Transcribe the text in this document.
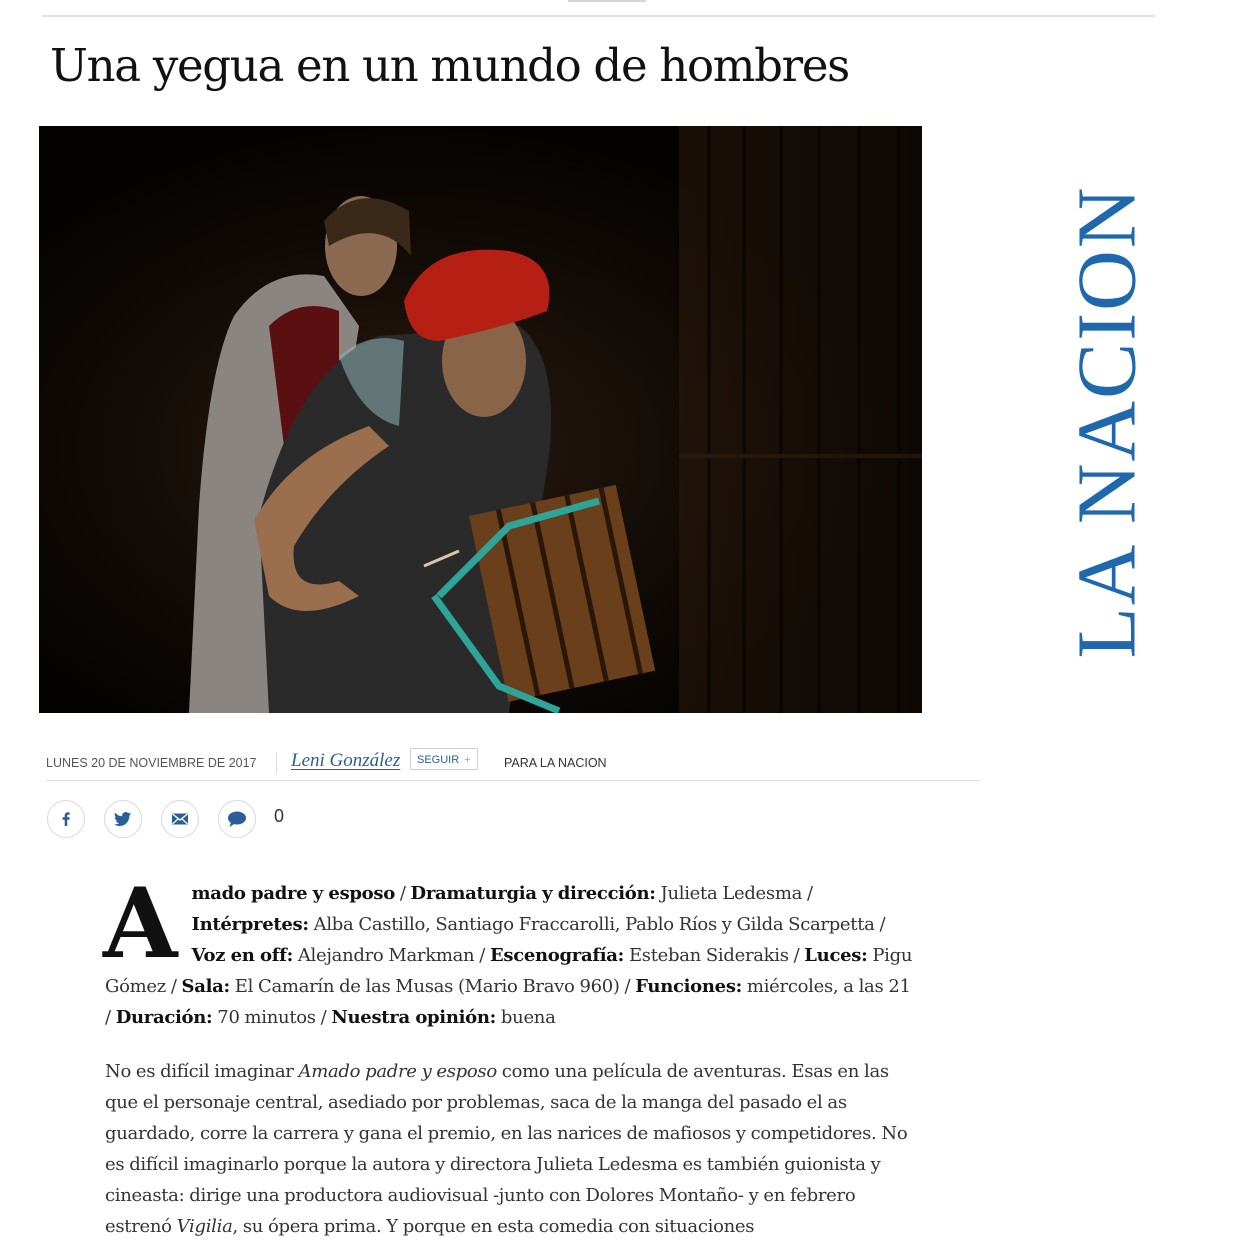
Una yegua en un mundo de hombres
LA NACION
LUNES 20 DE NOVIEMBRE DE 2017 Leni González	SEGUIR +	PARA LA NACION
0

Amado padre y esposo / Dramaturgia y dirección: Julieta Ledesma / Intérpretes: Alba Castillo, Santiago Fraccarolli, Pablo Ríos y Gilda Scarpetta / Voz en off: Alejandro Markman / Escenografía: Esteban Siderakis / Luces: Pigu Gómez / Sala: El Camarín de las Musas (Mario Bravo 960) / Funciones: miércoles, a las 21 / Duración: 70 minutos / Nuestra opinión: buena

No es difícil imaginar Amado padre y esposo como una película de aventuras. Esas en las que el personaje central, asediado por problemas, saca de la manga del pasado el as guardado, corre la carrera y gana el premio, en las narices de mafiosos y competidores. No es difícil imaginarlo porque la autora y directora Julieta Ledesma es también guionista y cineasta: dirige una productora audiovisual -junto con Dolores Montaño- y en febrero estrenó Vigilia, su ópera prima. Y porque en esta comedia con situaciones
